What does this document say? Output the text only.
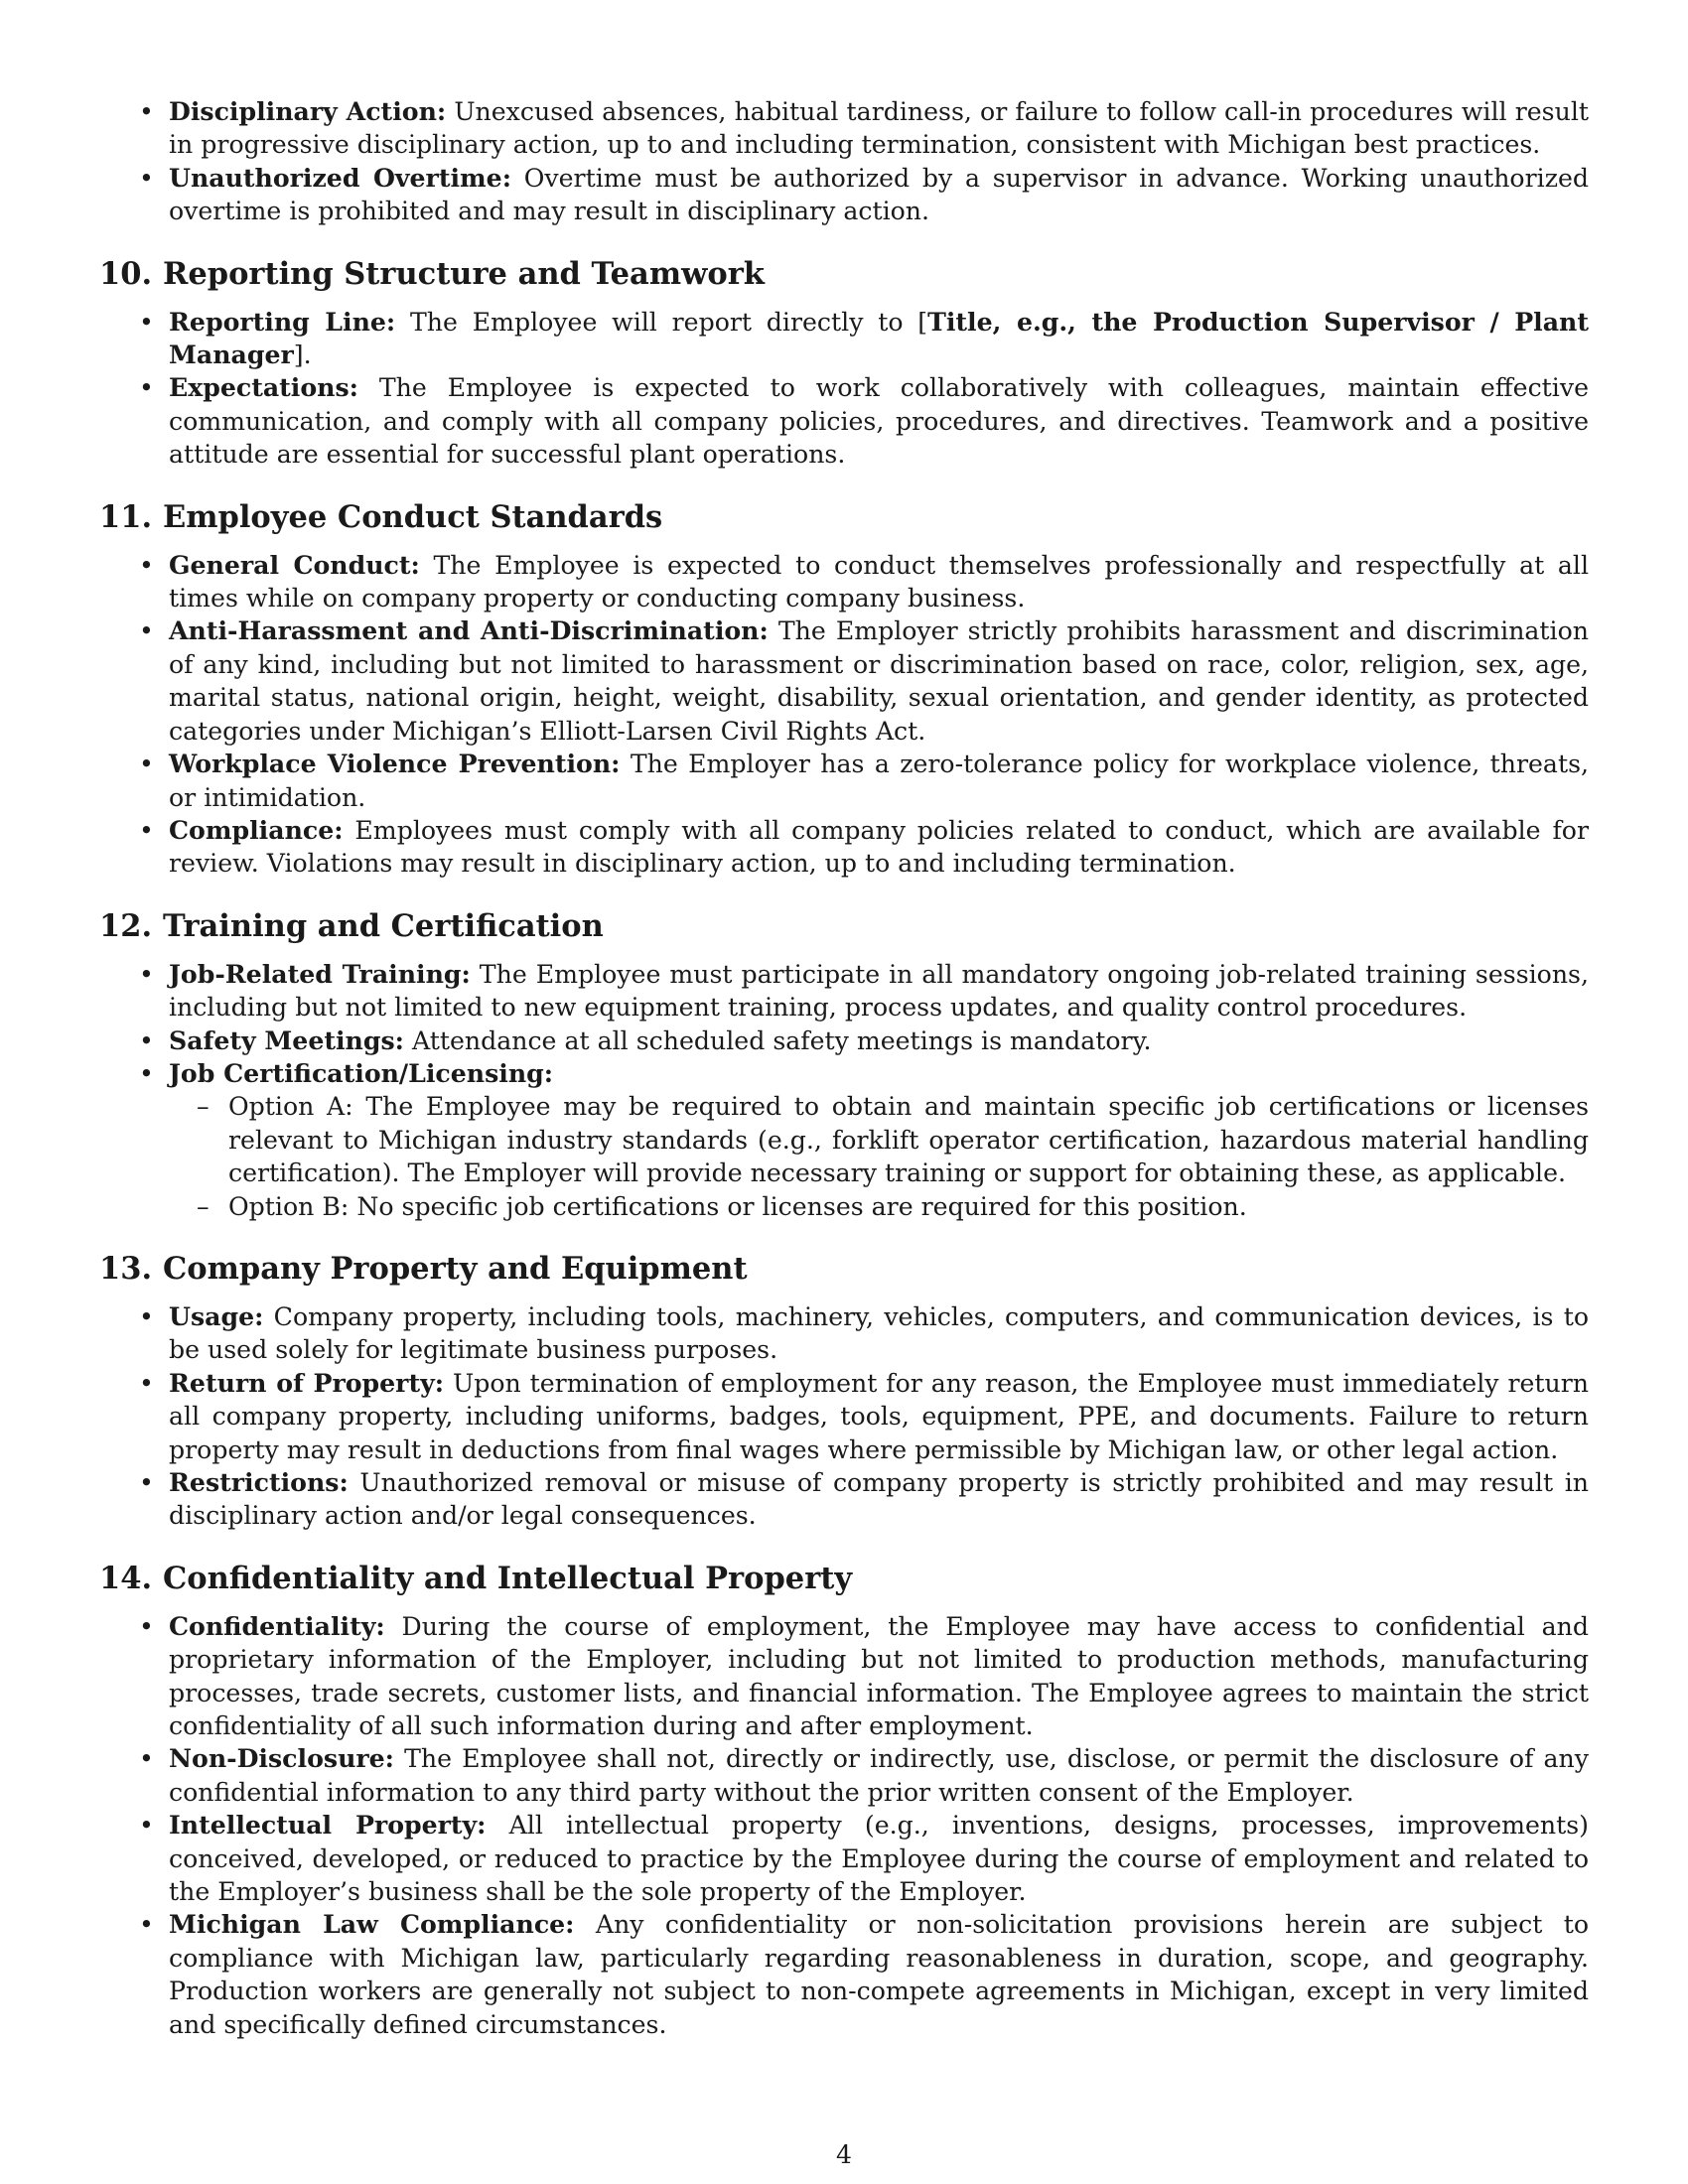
• Disciplinary Action: Unexcused absences, habitual tardiness, or failure to follow call-in procedures will result in progressive disciplinary action, up to and including termination, consistent with Michigan best practices.
• Unauthorized Overtime: Overtime must be authorized by a supervisor in advance. Working unauthorized overtime is prohibited and may result in disciplinary action.
10. Reporting Structure and Teamwork
• Reporting Line: The Employee will report directly to [Title, e.g., the Production Supervisor / Plant Manager].
• Expectations: The Employee is expected to work collaboratively with colleagues, maintain effective communication, and comply with all company policies, procedures, and directives. Teamwork and a positive attitude are essential for successful plant operations.
11. Employee Conduct Standards
• General Conduct: The Employee is expected to conduct themselves professionally and respectfully at all times while on company property or conducting company business.
• Anti-Harassment and Anti-Discrimination: The Employer strictly prohibits harassment and discrimination of any kind, including but not limited to harassment or discrimination based on race, color, religion, sex, age, marital status, national origin, height, weight, disability, sexual orientation, and gender identity, as protected categories under Michigan’s Elliott-Larsen Civil Rights Act.
• Workplace Violence Prevention: The Employer has a zero-tolerance policy for workplace violence, threats, or intimidation.
• Compliance: Employees must comply with all company policies related to conduct, which are available for review. Violations may result in disciplinary action, up to and including termination.
12. Training and Certification
• Job-Related Training: The Employee must participate in all mandatory ongoing job-related training sessions, including but not limited to new equipment training, process updates, and quality control procedures.
• Safety Meetings: Attendance at all scheduled safety meetings is mandatory.
• Job Certification/Licensing:
– Option A: The Employee may be required to obtain and maintain specific job certifications or licenses relevant to Michigan industry standards (e.g., forklift operator certification, hazardous material handling certification). The Employer will provide necessary training or support for obtaining these, as applicable.
– Option B: No specific job certifications or licenses are required for this position.
13. Company Property and Equipment
• Usage: Company property, including tools, machinery, vehicles, computers, and communication devices, is to be used solely for legitimate business purposes.
• Return of Property: Upon termination of employment for any reason, the Employee must immediately return all company property, including uniforms, badges, tools, equipment, PPE, and documents. Failure to return property may result in deductions from final wages where permissible by Michigan law, or other legal action.
• Restrictions: Unauthorized removal or misuse of company property is strictly prohibited and may result in disciplinary action and/or legal consequences.
14. Confidentiality and Intellectual Property
• Confidentiality: During the course of employment, the Employee may have access to confidential and proprietary information of the Employer, including but not limited to production methods, manufacturing processes, trade secrets, customer lists, and financial information. The Employee agrees to maintain the strict confidentiality of all such information during and after employment.
• Non-Disclosure: The Employee shall not, directly or indirectly, use, disclose, or permit the disclosure of any confidential information to any third party without the prior written consent of the Employer.
• Intellectual Property: All intellectual property (e.g., inventions, designs, processes, improvements) conceived, developed, or reduced to practice by the Employee during the course of employment and related to the Employer’s business shall be the sole property of the Employer.
• Michigan Law Compliance: Any confidentiality or non-solicitation provisions herein are subject to compliance with Michigan law, particularly regarding reasonableness in duration, scope, and geography. Production workers are generally not subject to non-compete agreements in Michigan, except in very limited and specifically defined circumstances.
4
